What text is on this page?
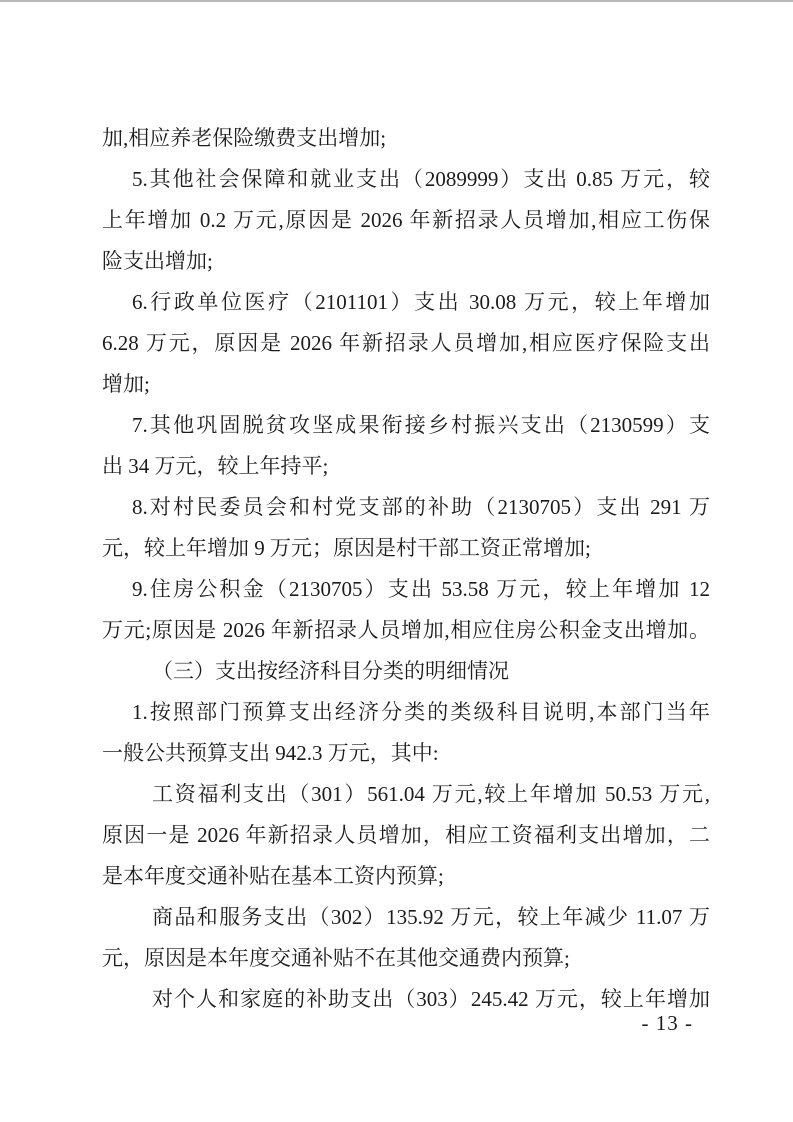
加,相应养老保险缴费支出增加;
5.其他社会保障和就业支出（2089999）支出 0.85 万元，较
上年增加 0.2 万元,原因是 2026 年新招录人员增加,相应工伤保
险支出增加;
6.行政单位医疗（2101101）支出 30.08 万元，较上年增加
6.28 万元，原因是 2026 年新招录人员增加,相应医疗保险支出
增加;
7.其他巩固脱贫攻坚成果衔接乡村振兴支出（2130599）支
出 34 万元，较上年持平;
8.对村民委员会和村党支部的补助（2130705）支出 291 万
元，较上年增加 9 万元；原因是村干部工资正常增加;
9.住房公积金（2130705）支出 53.58 万元，较上年增加 12
万元;原因是 2026 年新招录人员增加,相应住房公积金支出增加。
（三）支出按经济科目分类的明细情况
1.按照部门预算支出经济分类的类级科目说明,本部门当年
一般公共预算支出 942.3 万元，其中:
工资福利支出（301）561.04 万元,较上年增加 50.53 万元,
原因一是 2026 年新招录人员增加，相应工资福利支出增加，二
是本年度交通补贴在基本工资内预算;
商品和服务支出（302）135.92 万元，较上年减少 11.07 万
元，原因是本年度交通补贴不在其他交通费内预算;
对个人和家庭的补助支出（303）245.42 万元，较上年增加
- 13 -
